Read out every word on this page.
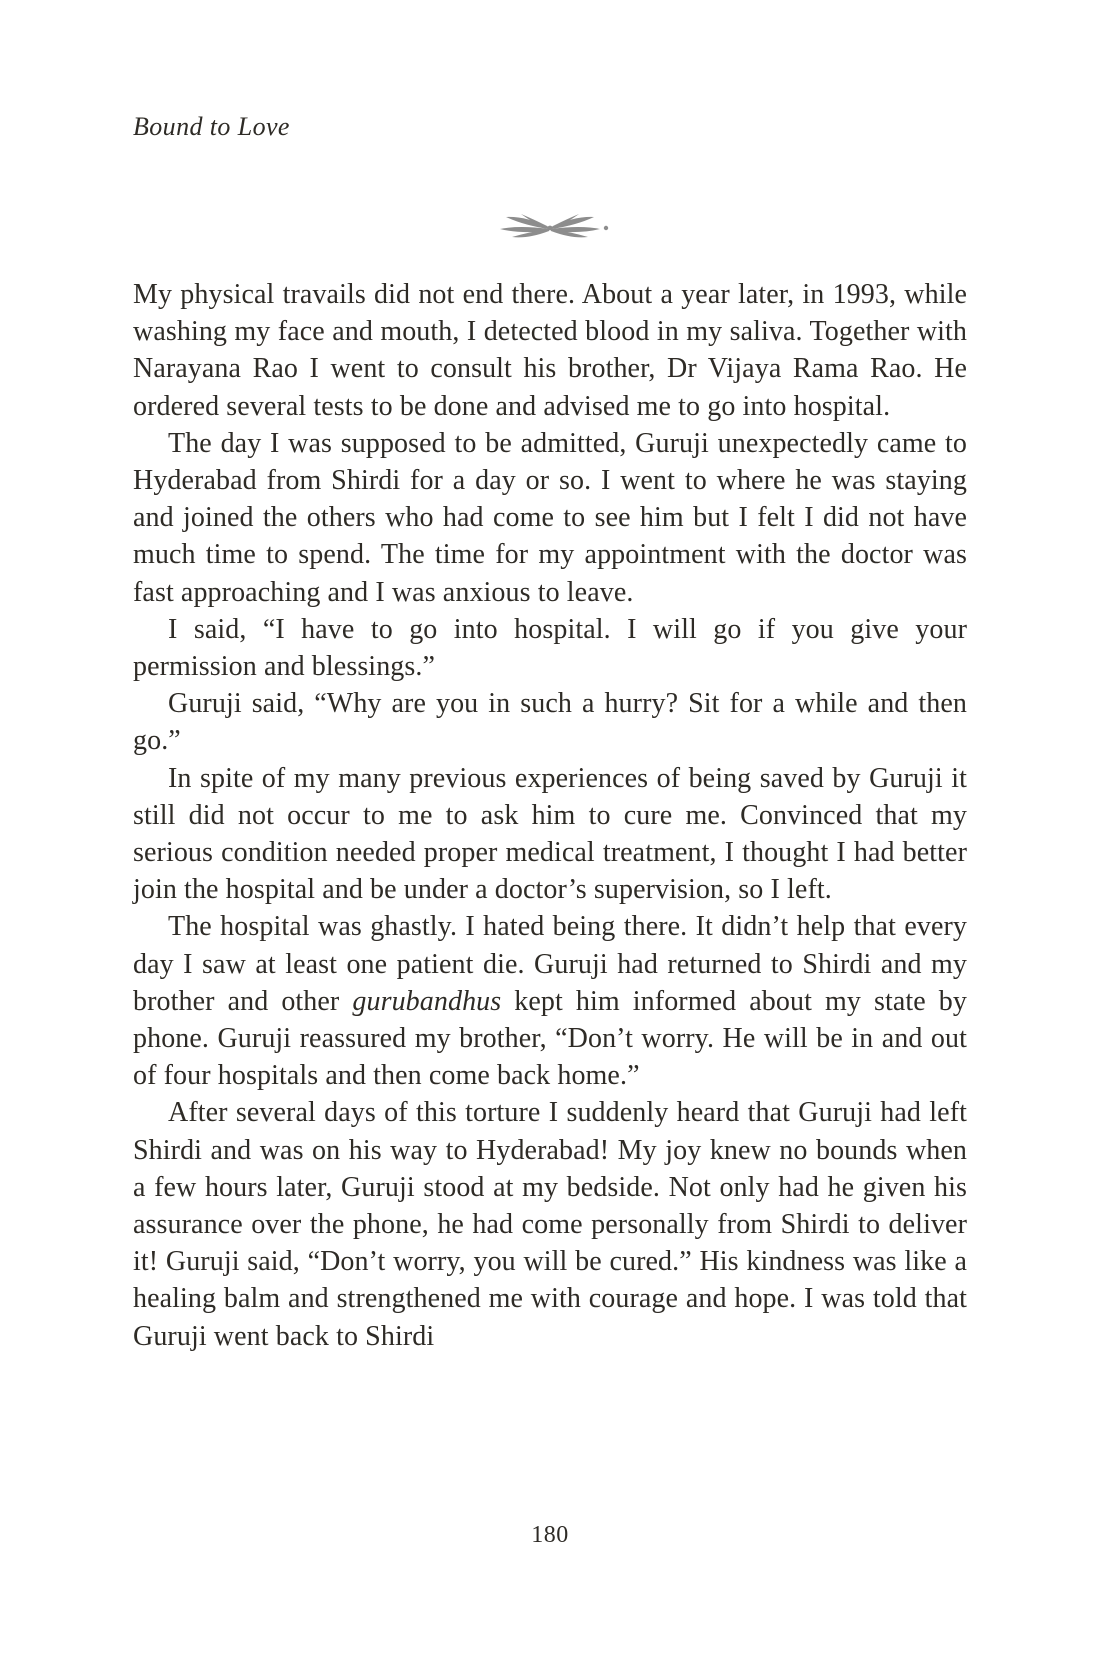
Bound to Love

My physical travails did not end there. About a year later, in 1993, while washing my face and mouth, I detected blood in my saliva. Together with Narayana Rao I went to consult his brother, Dr Vijaya Rama Rao. He ordered several tests to be done and advised me to go into hospital.

The day I was supposed to be admitted, Guruji unexpectedly came to Hyderabad from Shirdi for a day or so. I went to where he was staying and joined the others who had come to see him but I felt I did not have much time to spend. The time for my appointment with the doctor was fast approaching and I was anxious to leave.

I said, “I have to go into hospital. I will go if you give your permission and blessings.”

Guruji said, “Why are you in such a hurry? Sit for a while and then go.”

In spite of my many previous experiences of being saved by Guruji it still did not occur to me to ask him to cure me. Convinced that my serious condition needed proper medical treatment, I thought I had better join the hospital and be under a doctor’s supervision, so I left.

The hospital was ghastly. I hated being there. It didn’t help that every day I saw at least one patient die. Guruji had returned to Shirdi and my brother and other gurubandhus kept him informed about my state by phone. Guruji reassured my brother, “Don’t worry. He will be in and out of four hospitals and then come back home.”

After several days of this torture I suddenly heard that Guruji had left Shirdi and was on his way to Hyderabad! My joy knew no bounds when a few hours later, Guruji stood at my bedside. Not only had he given his assurance over the phone, he had come personally from Shirdi to deliver it! Guruji said, “Don’t worry, you will be cured.” His kindness was like a healing balm and strengthened me with courage and hope. I was told that Guruji went back to Shirdi

180
